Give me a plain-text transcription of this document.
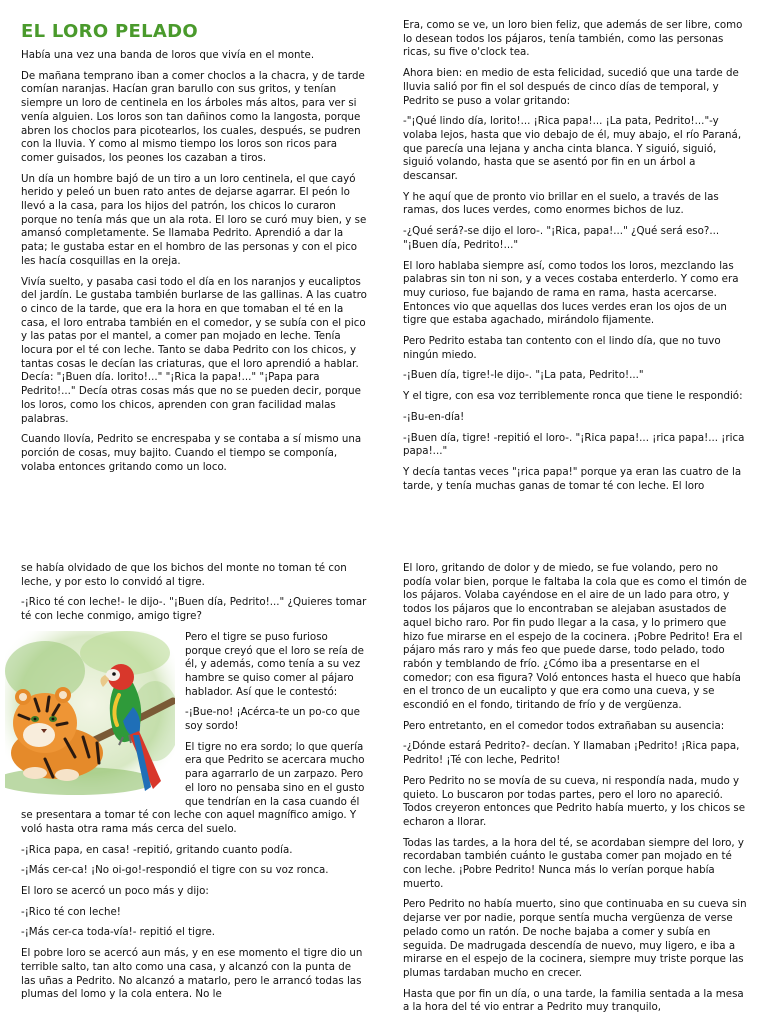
EL LORO PELADO

Había una vez una banda de loros que vivía en el monte.

De mañana temprano iban a comer choclos a la chacra, y de tarde comían naranjas. Hacían gran barullo con sus gritos, y tenían siempre un loro de centinela en los árboles más altos, para ver si venía alguien. Los loros son tan dañinos como la langosta, porque abren los choclos para picotearlos, los cuales, después, se pudren con la lluvia. Y como al mismo tiempo los loros son ricos para comer guisados, los peones los cazaban a tiros.

Un día un hombre bajó de un tiro a un loro centinela, el que cayó herido y peleó un buen rato antes de dejarse agarrar. El peón lo llevó a la casa, para los hijos del patrón, los chicos lo curaron porque no tenía más que un ala rota. El loro se curó muy bien, y se amansó completamente. Se llamaba Pedrito. Aprendió a dar la pata; le gustaba estar en el hombro de las personas y con el pico les hacía cosquillas en la oreja.

Vivía suelto, y pasaba casi todo el día en los naranjos y eucaliptos del jardín. Le gustaba también burlarse de las gallinas. A las cuatro o cinco de la tarde, que era la hora en que tomaban el té en la casa, el loro entraba también en el comedor, y se subía con el pico y las patas por el mantel, a comer pan mojado en leche. Tenía locura por el té con leche. Tanto se daba Pedrito con los chicos, y tantas cosas le decían las criaturas, que el loro aprendió a hablar. Decía: "¡Buen día. lorito!..." "¡Rica la papa!..." "¡Papa para Pedrito!..." Decía otras cosas más que no se pueden decir, porque los loros, como los chicos, aprenden con gran facilidad malas palabras.

Cuando llovía, Pedrito se encrespaba y se contaba a sí mismo una porción de cosas, muy bajito. Cuando el tiempo se componía, volaba entonces gritando como un loco.

Era, como se ve, un loro bien feliz, que además de ser libre, como lo desean todos los pájaros, tenía también, como las personas ricas, su five o'clock tea.

Ahora bien: en medio de esta felicidad, sucedió que una tarde de lluvia salió por fin el sol después de cinco días de temporal, y Pedrito se puso a volar gritando:

-"¡Qué lindo día, lorito!... ¡Rica papa!... ¡La pata, Pedrito!..."-y volaba lejos, hasta que vio debajo de él, muy abajo, el río Paraná, que parecía una lejana y ancha cinta blanca. Y siguió, siguió, siguió volando, hasta que se asentó por fin en un árbol a descansar.

Y he aquí que de pronto vio brillar en el suelo, a través de las ramas, dos luces verdes, como enormes bichos de luz.

-¿Qué será?-se dijo el loro-. "¡Rica, papa!..." ¿Qué será eso?... "¡Buen día, Pedrito!..."

El loro hablaba siempre así, como todos los loros, mezclando las palabras sin ton ni son, y a veces costaba enterderlo. Y como era muy curioso, fue bajando de rama en rama, hasta acercarse. Entonces vio que aquellas dos luces verdes eran los ojos de un tigre que estaba agachado, mirándolo fijamente.

Pero Pedrito estaba tan contento con el lindo día, que no tuvo ningún miedo.

-¡Buen día, tigre!-le dijo-. "¡La pata, Pedrito!..."

Y el tigre, con esa voz terriblemente ronca que tiene le respondió:

-¡Bu-en-día!

-¡Buen día, tigre! -repitió el loro-. "¡Rica papa!... ¡rica papa!... ¡rica papa!..."

Y decía tantas veces "¡rica papa!" porque ya eran las cuatro de la tarde, y tenía muchas ganas de tomar té con leche. El loro

se había olvidado de que los bichos del monte no toman té con leche, y por esto lo convidó al tigre.

-¡Rico té con leche!- le dijo-. "¡Buen día, Pedrito!..." ¿Quieres tomar té con leche conmigo, amigo tigre?

Pero el tigre se puso furioso porque creyó que el loro se reía de él, y además, como tenía a su vez hambre se quiso comer al pájaro hablador. Así que le contestó:

-¡Bue-no! ¡Acérca-te un po-co que soy sordo!

El tigre no era sordo; lo que quería era que Pedrito se acercara mucho para agarrarlo de un zarpazo. Pero el loro no pensaba sino en el gusto que tendrían en la casa cuando él se presentara a tomar té con leche con aquel magnífico amigo. Y voló hasta otra rama más cerca del suelo.

-¡Rica papa, en casa! -repitió, gritando cuanto podía.

-¡Más cer-ca! ¡No oi-go!-respondió el tigre con su voz ronca.

El loro se acercó un poco más y dijo:

-¡Rico té con leche!

-¡Más cer-ca toda-vía!- repitió el tigre.

El pobre loro se acercó aun más, y en ese momento el tigre dio un terrible salto, tan alto como una casa, y alcanzó con la punta de las uñas a Pedrito. No alcanzó a matarlo, pero le arrancó todas las plumas del lomo y la cola entera. No le

El loro, gritando de dolor y de miedo, se fue volando, pero no podía volar bien, porque le faltaba la cola que es como el timón de los pájaros. Volaba cayéndose en el aire de un lado para otro, y todos los pájaros que lo encontraban se alejaban asustados de aquel bicho raro. Por fin pudo llegar a la casa, y lo primero que hizo fue mirarse en el espejo de la cocinera. ¡Pobre Pedrito! Era el pájaro más raro y más feo que puede darse, todo pelado, todo rabón y temblando de frío. ¿Cómo iba a presentarse en el comedor; con esa figura? Voló entonces hasta el hueco que había en el tronco de un eucalipto y que era como una cueva, y se escondió en el fondo, tiritando de frío y de vergüenza.

Pero entretanto, en el comedor todos extrañaban su ausencia:

-¿Dónde estará Pedrito?- decían. Y llamaban ¡Pedrito! ¡Rica papa, Pedrito! ¡Té con leche, Pedrito!

Pero Pedrito no se movía de su cueva, ni respondía nada, mudo y quieto. Lo buscaron por todas partes, pero el loro no apareció. Todos creyeron entonces que Pedrito había muerto, y los chicos se echaron a llorar.

Todas las tardes, a la hora del té, se acordaban siempre del loro, y recordaban también cuánto le gustaba comer pan mojado en té con leche. ¡Pobre Pedrito! Nunca más lo verían porque había muerto.

Pero Pedrito no había muerto, sino que continuaba en su cueva sin dejarse ver por nadie, porque sentía mucha vergüenza de verse pelado como un ratón. De noche bajaba a comer y subía en seguida. De madrugada descendía de nuevo, muy ligero, e iba a mirarse en el espejo de la cocinera, siempre muy triste porque las plumas tardaban mucho en crecer.

Hasta que por fin un día, o una tarde, la familia sentada a la mesa a la hora del té vio entrar a Pedrito muy tranquilo,
